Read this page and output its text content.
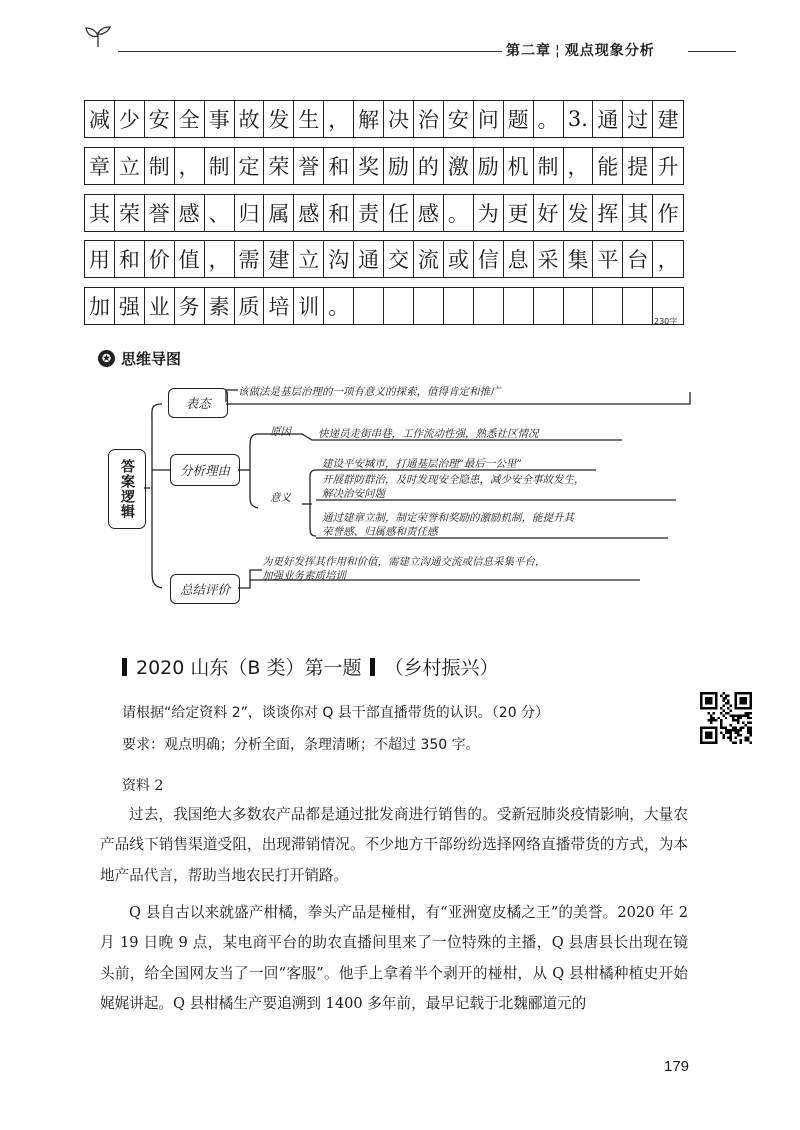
第二章 ¦ 观点现象分析
减 少 安 全 事 故 发 生 ， 解 决 治 安 问 题 。 3. 通 过 建
章 立 制 ， 制 定 荣 誉 和 奖 励 的 激 励 机 制 ， 能 提 升
其 荣 誉 感 、 归 属 感 和 责 任 感 。 为 更 好 发 挥 其 作
用 和 价 值 ， 需 建 立 沟 通 交 流 或 信 息 采 集 平 台 ，
加 强 业 务 素 质 培 训 。
230字
✪ 思维导图
答案逻辑
表态
该做法是基层治理的一项有意义的探索，值得肯定和推广
分析理由
原因	快递员走街串巷，工作流动性强，熟悉社区情况
意义
建设平安城市，打通基层治理“最后一公里”
开展群防群治，及时发现安全隐患，减少安全事故发生，
解决治安问题
通过建章立制，制定荣誉和奖励的激励机制，能提升其
荣誉感、归属感和责任感
总结评价
为更好发挥其作用和价值，需建立沟通交流或信息采集平台，
加强业务素质培训
2020 山东（B 类）第一题 （乡村振兴）
请根据“给定资料 2”，谈谈你对 Q 县干部直播带货的认识。（20 分）
要求：观点明确；分析全面，条理清晰；不超过 350 字。
资料 2
过去，我国绝大多数农产品都是通过批发商进行销售的。受新冠肺炎疫情影响，大量农产品线下销售渠道受阻，出现滞销情况。不少地方干部纷纷选择网络直播带货的方式，为本地产品代言，帮助当地农民打开销路。
Q 县自古以来就盛产柑橘，拳头产品是椪柑，有“亚洲宽皮橘之王”的美誉。2020 年 2 月 19 日晚 9 点，某电商平台的助农直播间里来了一位特殊的主播，Q 县唐县长出现在镜头前，给全国网友当了一回“客服”。他手上拿着半个剥开的椪柑，从 Q 县柑橘种植史开始娓娓讲起。Q 县柑橘生产要追溯到 1400 多年前，最早记载于北魏郦道元的
179
